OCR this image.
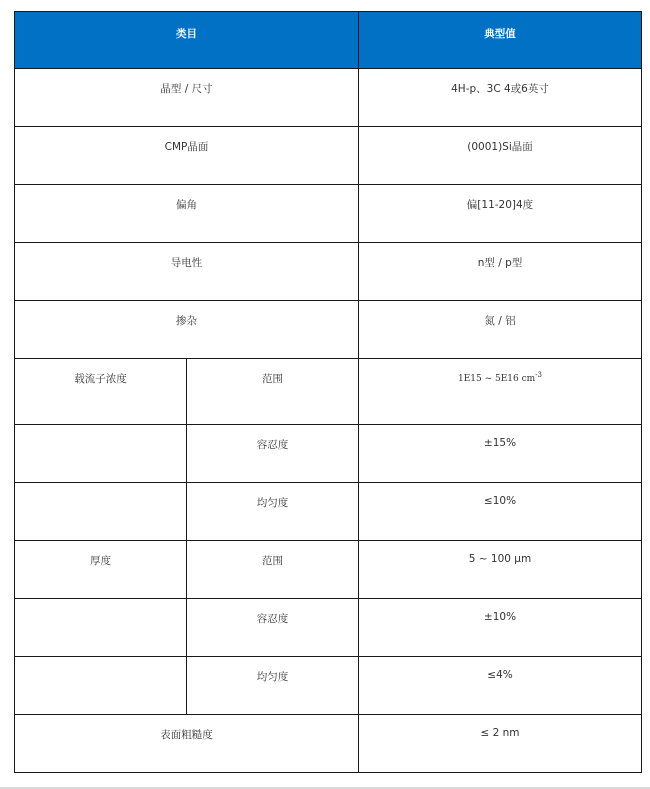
类目		典型值
晶型 / 尺寸		4H-p、3C 4或6英寸
CMP晶面		(0001)Si晶面
偏角		偏[11-20]4度
导电性		n型 / p型
掺杂		氮 / 铝
载流子浓度	范围	1E15 ~ 5E16 $cm^{-3}$
	容忍度	±15%
	均匀度	≤10%
厚度	范围	5 ~ 100 μm
	容忍度	±10%
	均匀度	≤4%
表面粗糙度		≤ 2 nm
